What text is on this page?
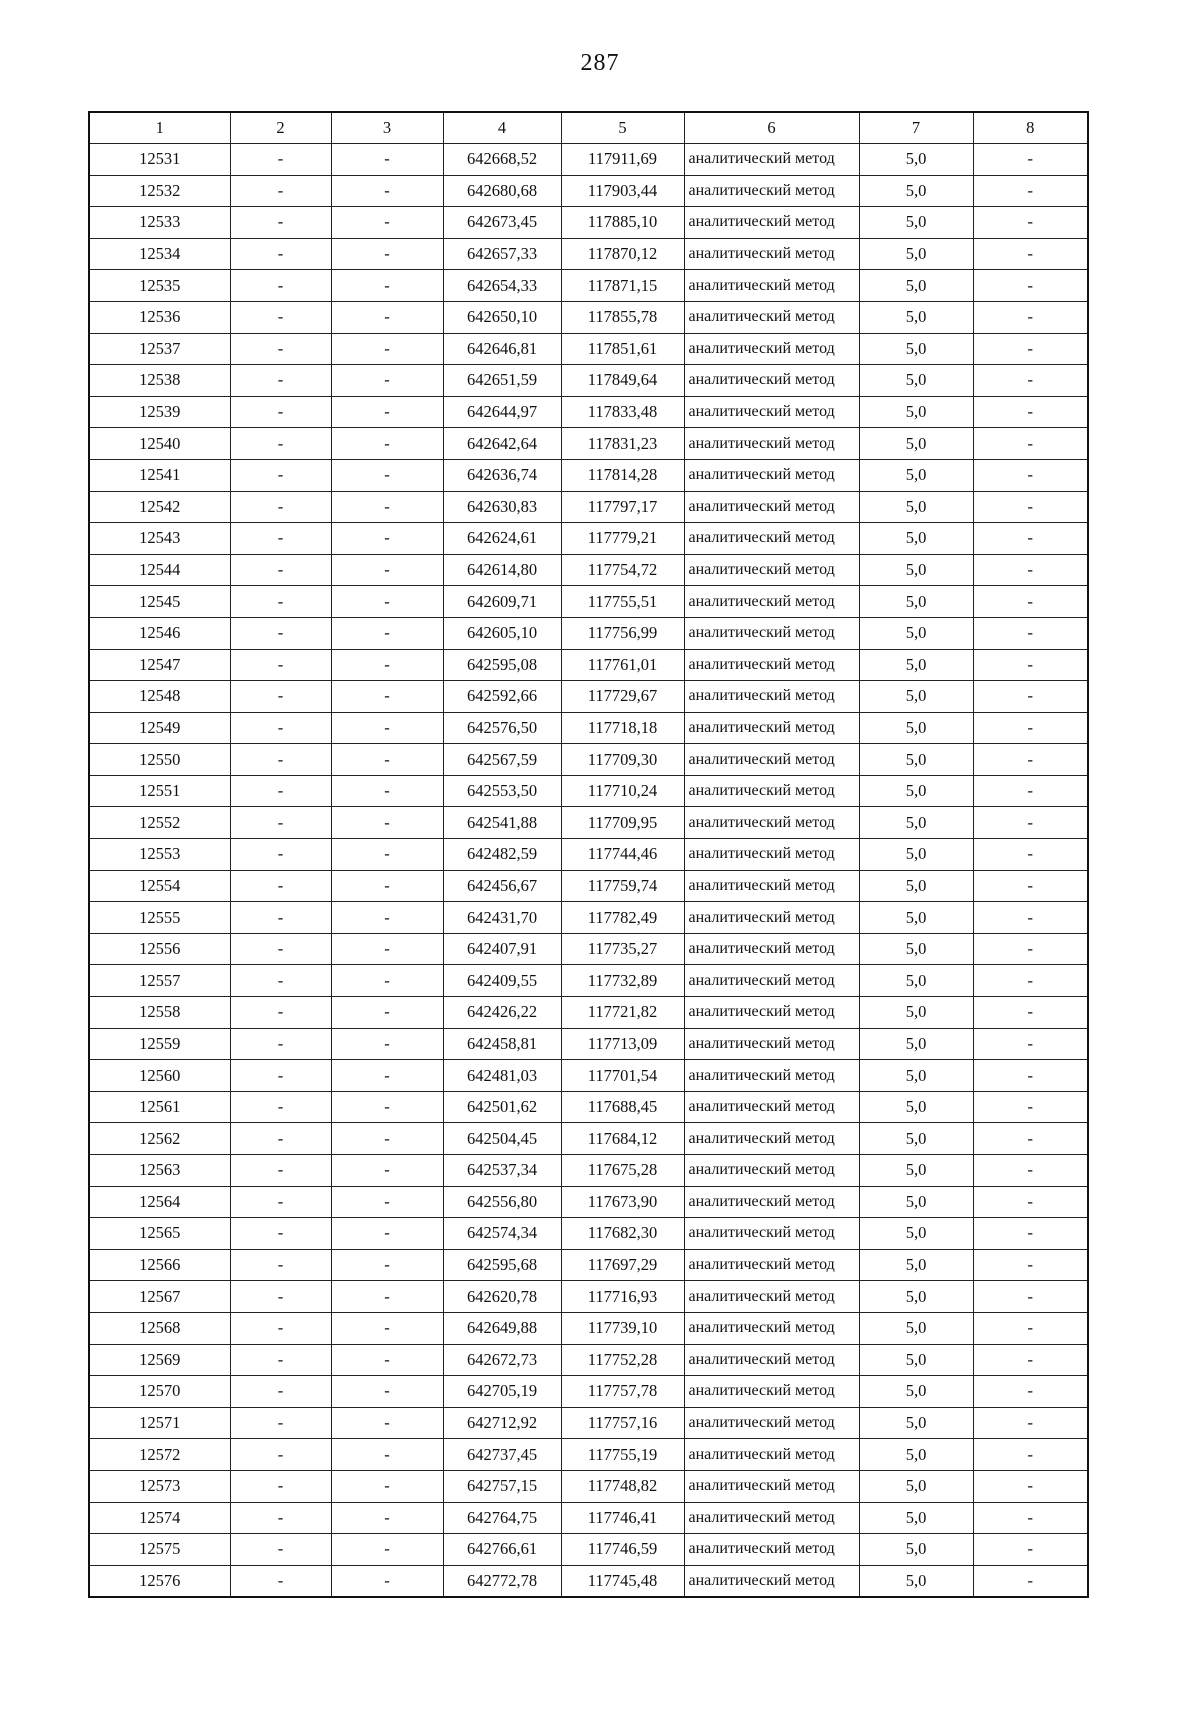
287
1	2	3	4	5	6	7	8
12531	-	-	642668,52	117911,69	аналитический метод	5,0	-
12532	-	-	642680,68	117903,44	аналитический метод	5,0	-
12533	-	-	642673,45	117885,10	аналитический метод	5,0	-
12534	-	-	642657,33	117870,12	аналитический метод	5,0	-
12535	-	-	642654,33	117871,15	аналитический метод	5,0	-
12536	-	-	642650,10	117855,78	аналитический метод	5,0	-
12537	-	-	642646,81	117851,61	аналитический метод	5,0	-
12538	-	-	642651,59	117849,64	аналитический метод	5,0	-
12539	-	-	642644,97	117833,48	аналитический метод	5,0	-
12540	-	-	642642,64	117831,23	аналитический метод	5,0	-
12541	-	-	642636,74	117814,28	аналитический метод	5,0	-
12542	-	-	642630,83	117797,17	аналитический метод	5,0	-
12543	-	-	642624,61	117779,21	аналитический метод	5,0	-
12544	-	-	642614,80	117754,72	аналитический метод	5,0	-
12545	-	-	642609,71	117755,51	аналитический метод	5,0	-
12546	-	-	642605,10	117756,99	аналитический метод	5,0	-
12547	-	-	642595,08	117761,01	аналитический метод	5,0	-
12548	-	-	642592,66	117729,67	аналитический метод	5,0	-
12549	-	-	642576,50	117718,18	аналитический метод	5,0	-
12550	-	-	642567,59	117709,30	аналитический метод	5,0	-
12551	-	-	642553,50	117710,24	аналитический метод	5,0	-
12552	-	-	642541,88	117709,95	аналитический метод	5,0	-
12553	-	-	642482,59	117744,46	аналитический метод	5,0	-
12554	-	-	642456,67	117759,74	аналитический метод	5,0	-
12555	-	-	642431,70	117782,49	аналитический метод	5,0	-
12556	-	-	642407,91	117735,27	аналитический метод	5,0	-
12557	-	-	642409,55	117732,89	аналитический метод	5,0	-
12558	-	-	642426,22	117721,82	аналитический метод	5,0	-
12559	-	-	642458,81	117713,09	аналитический метод	5,0	-
12560	-	-	642481,03	117701,54	аналитический метод	5,0	-
12561	-	-	642501,62	117688,45	аналитический метод	5,0	-
12562	-	-	642504,45	117684,12	аналитический метод	5,0	-
12563	-	-	642537,34	117675,28	аналитический метод	5,0	-
12564	-	-	642556,80	117673,90	аналитический метод	5,0	-
12565	-	-	642574,34	117682,30	аналитический метод	5,0	-
12566	-	-	642595,68	117697,29	аналитический метод	5,0	-
12567	-	-	642620,78	117716,93	аналитический метод	5,0	-
12568	-	-	642649,88	117739,10	аналитический метод	5,0	-
12569	-	-	642672,73	117752,28	аналитический метод	5,0	-
12570	-	-	642705,19	117757,78	аналитический метод	5,0	-
12571	-	-	642712,92	117757,16	аналитический метод	5,0	-
12572	-	-	642737,45	117755,19	аналитический метод	5,0	-
12573	-	-	642757,15	117748,82	аналитический метод	5,0	-
12574	-	-	642764,75	117746,41	аналитический метод	5,0	-
12575	-	-	642766,61	117746,59	аналитический метод	5,0	-
12576	-	-	642772,78	117745,48	аналитический метод	5,0	-
